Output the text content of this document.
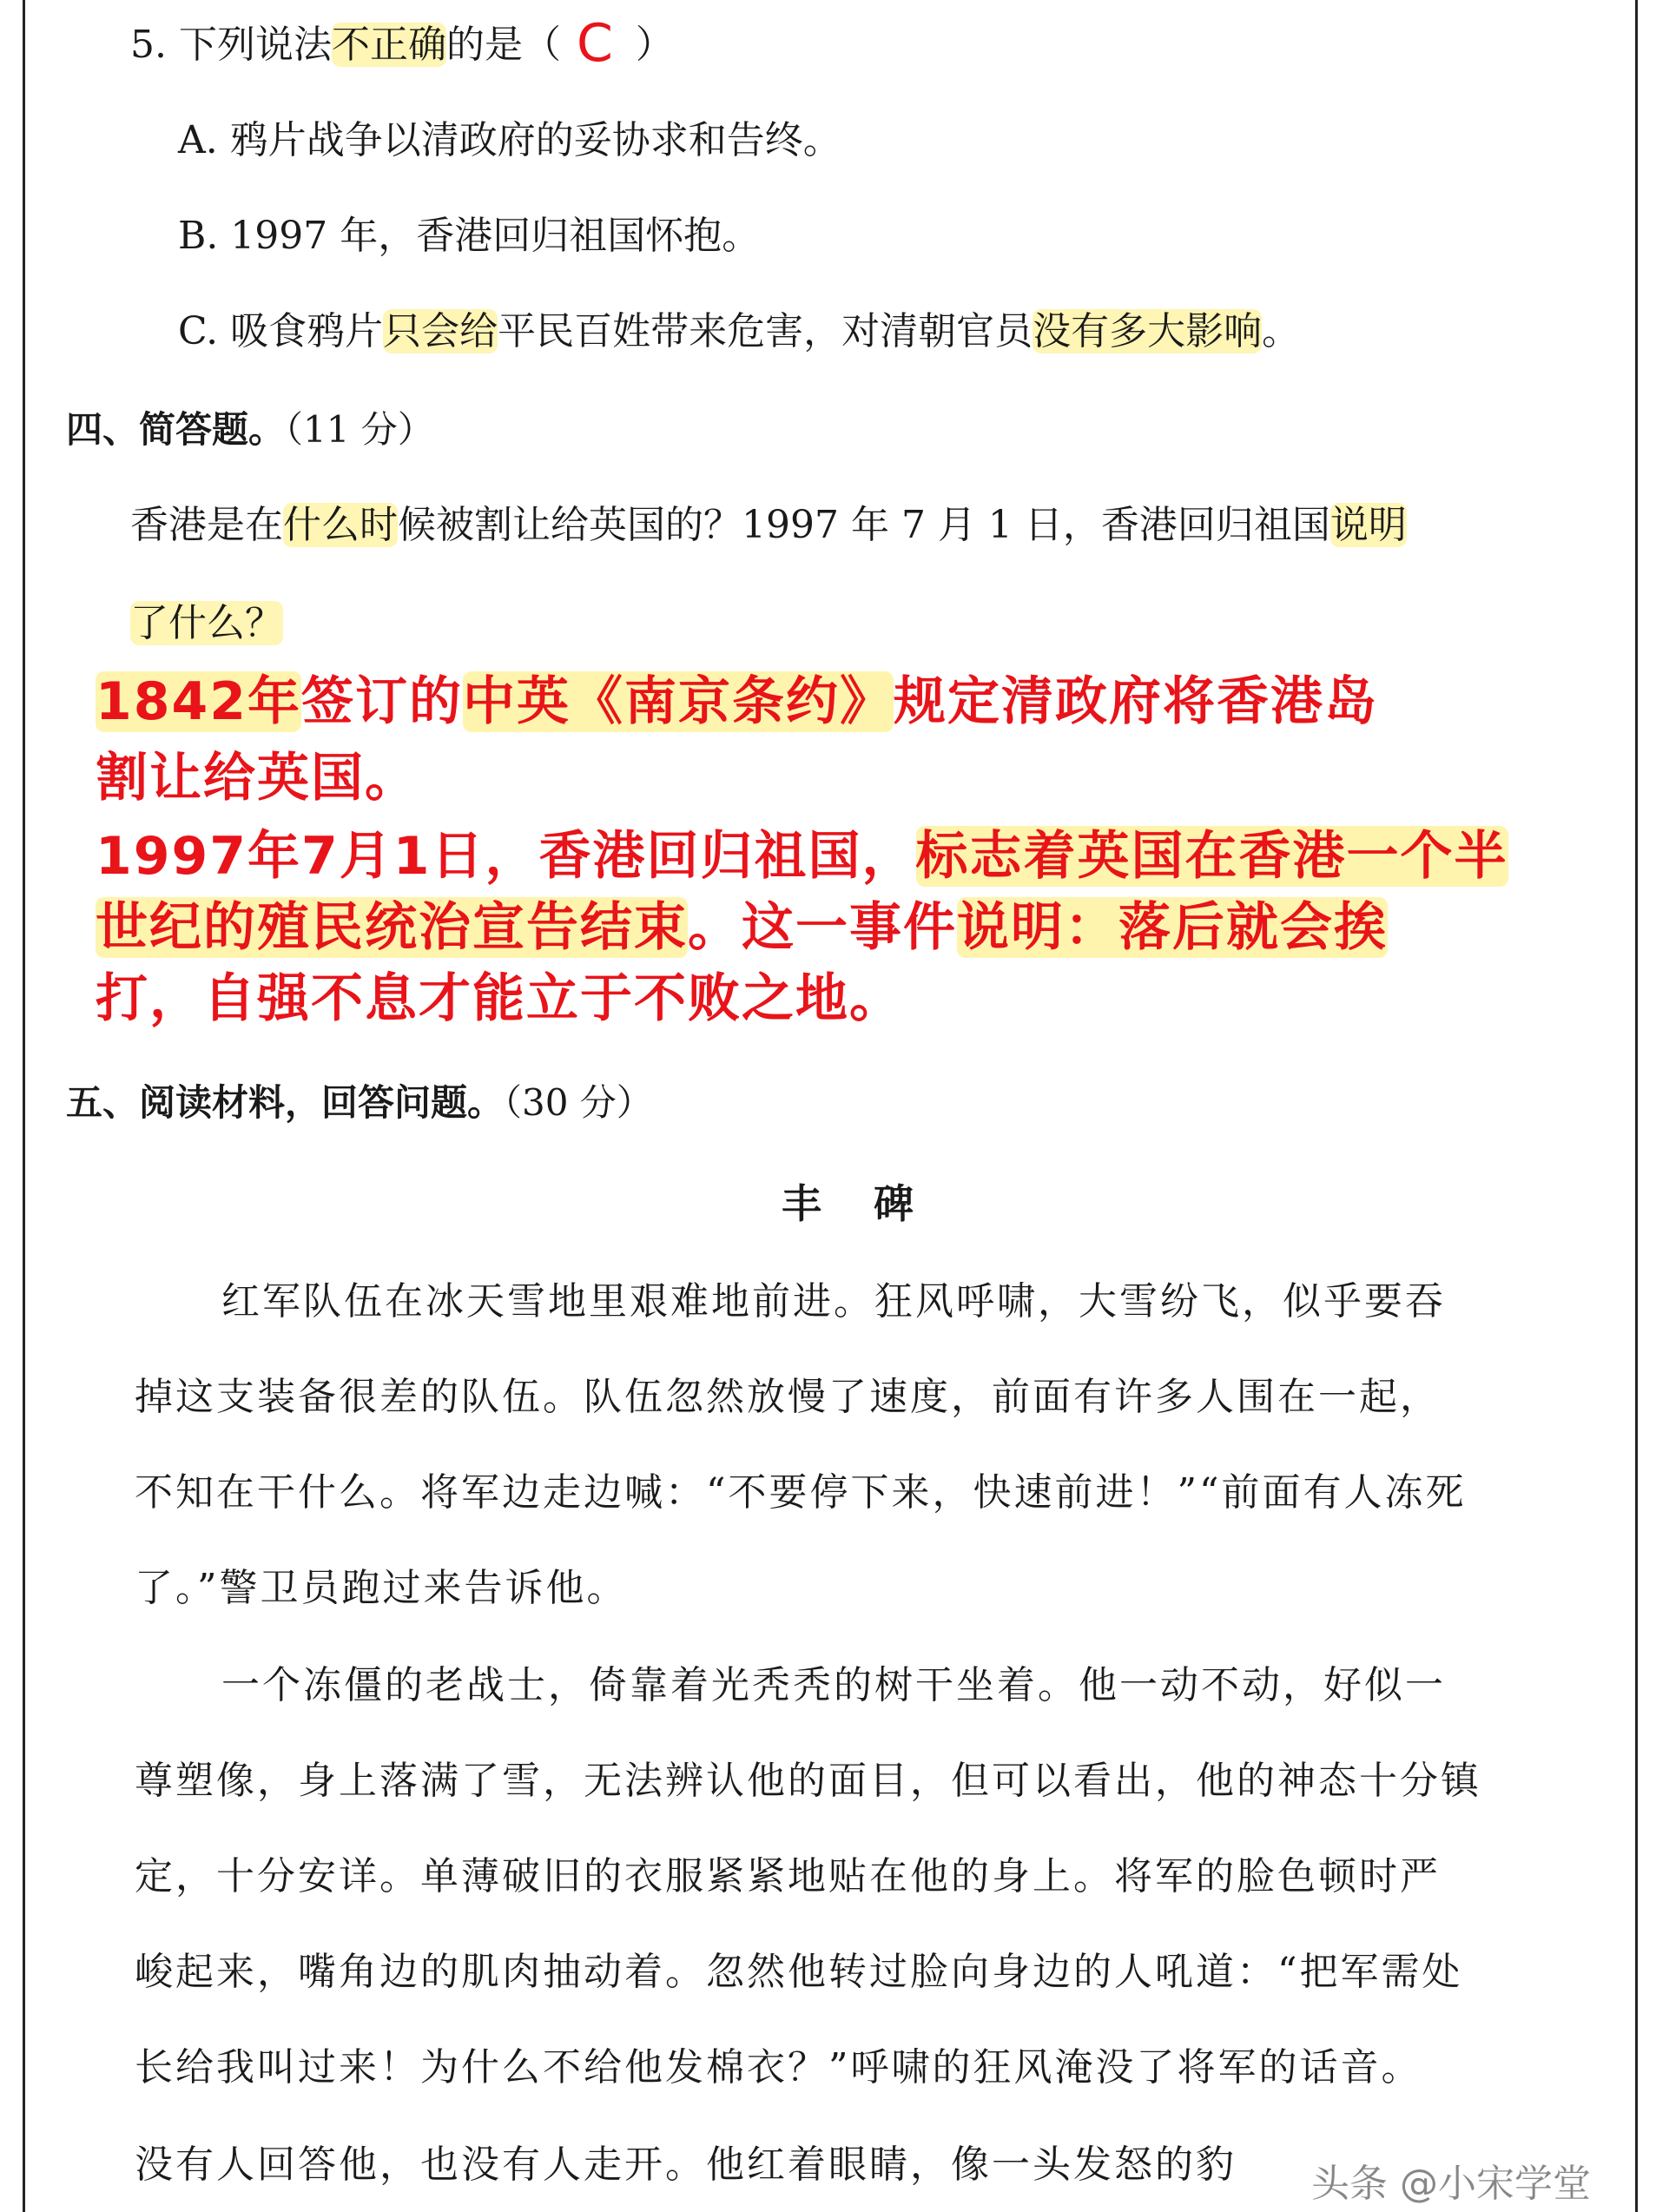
5. 下列说法不正确的是（ C ）
A. 鸦片战争以清政府的妥协求和告终。
B. 1997 年，香港回归祖国怀抱。
C. 吸食鸦片只会给平民百姓带来危害，对清朝官员没有多大影响。
四、简答题。（11 分）
香港是在什么时候被割让给英国的？1997 年 7 月 1 日，香港回归祖国说明
了什么？
1842年签订的中英《南京条约》规定清政府将香港岛
割让给英国。
1997年7月1日，香港回归祖国，标志着英国在香港一个半
世纪的殖民统治宣告结束。这一事件说明：落后就会挨
打，自强不息才能立于不败之地。
五、阅读材料，回答问题。（30 分）
丰碑
红军队伍在冰天雪地里艰难地前进。狂风呼啸，大雪纷飞，似乎要吞
掉这支装备很差的队伍。队伍忽然放慢了速度，前面有许多人围在一起，
不知在干什么。将军边走边喊：“不要停下来，快速前进！”“前面有人冻死
了。”警卫员跑过来告诉他。
一个冻僵的老战士，倚靠着光秃秃的树干坐着。他一动不动，好似一
尊塑像，身上落满了雪，无法辨认他的面目，但可以看出，他的神态十分镇
定，十分安详。单薄破旧的衣服紧紧地贴在他的身上。将军的脸色顿时严
峻起来，嘴角边的肌肉抽动着。忽然他转过脸向身边的人吼道：“把军需处
长给我叫过来！为什么不给他发棉衣？”呼啸的狂风淹没了将军的话音。
没有人回答他，也没有人走开。他红着眼睛，像一头发怒的豹 头条 @小宋学堂
